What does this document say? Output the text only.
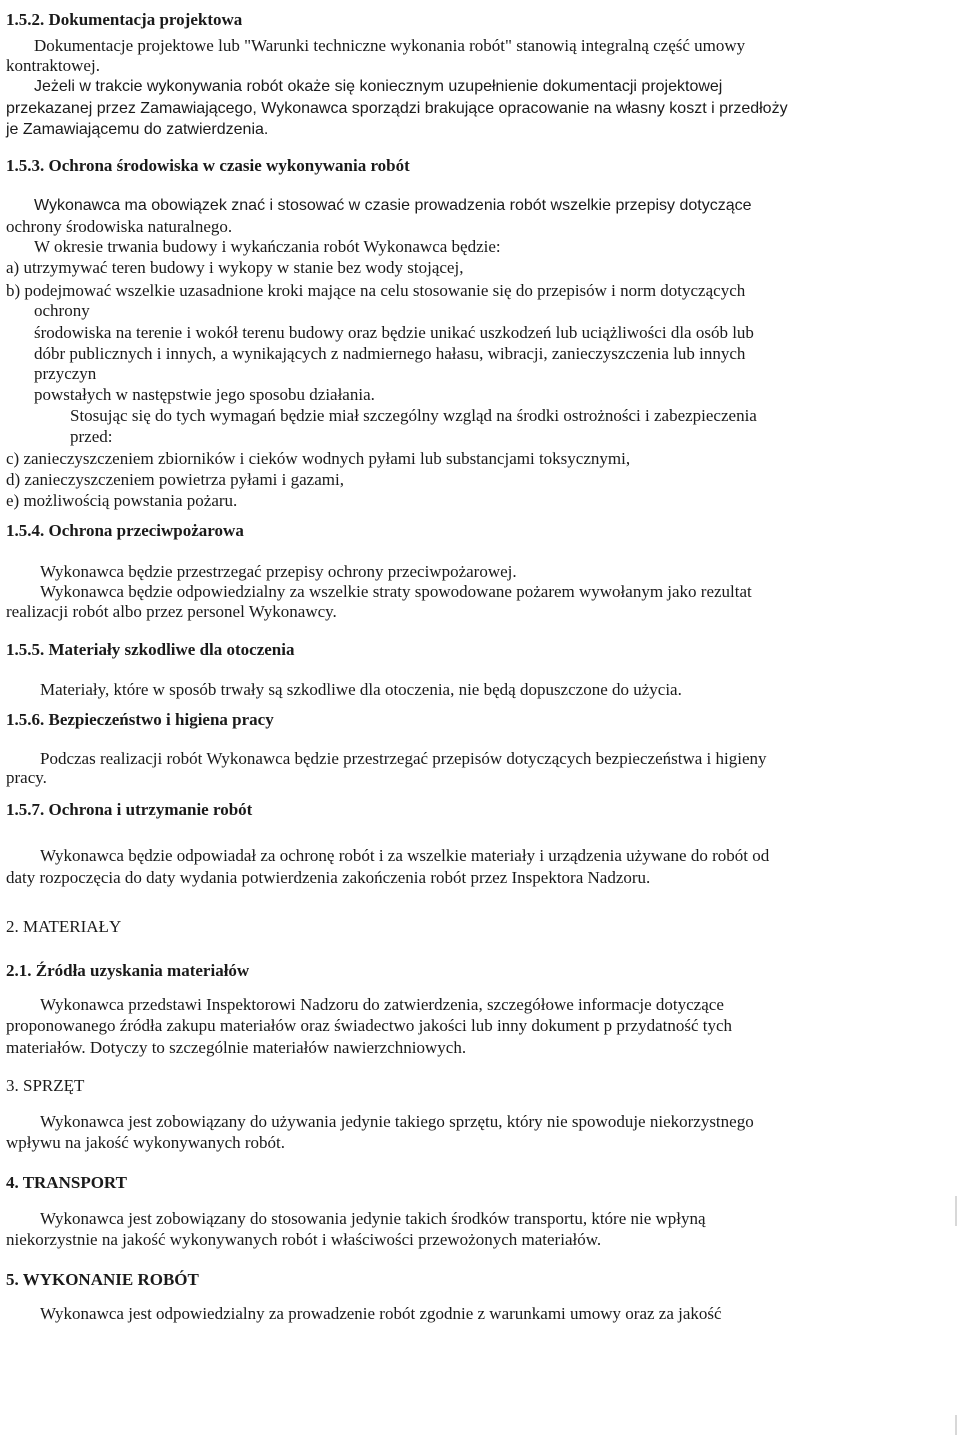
1.5.2. Dokumentacja projektowa
Dokumentacje projektowe lub "Warunki techniczne wykonania robót" stanowią integralną część umowy
kontraktowej.
Jeżeli w trakcie wykonywania robót okaże się koniecznym uzupełnienie dokumentacji projektowej
przekazanej przez Zamawiającego, Wykonawca sporządzi brakujące opracowanie na własny koszt i przedłoży
je Zamawiającemu do zatwierdzenia.
1.5.3. Ochrona środowiska w czasie wykonywania robót
Wykonawca ma obowiązek znać i stosować w czasie prowadzenia robót wszelkie przepisy dotyczące
ochrony środowiska naturalnego.
W okresie trwania budowy i wykańczania robót Wykonawca będzie:
a) utrzymywać teren budowy i wykopy w stanie bez wody stojącej,
b) podejmować wszelkie uzasadnione kroki mające na celu stosowanie się do przepisów i norm dotyczących
ochrony
środowiska na terenie i wokół terenu budowy oraz będzie unikać uszkodzeń lub uciążliwości dla osób lub
dóbr publicznych i innych, a wynikających z nadmiernego hałasu, wibracji, zanieczyszczenia lub innych
przyczyn
powstałych w następstwie jego sposobu działania.
Stosując się do tych wymagań będzie miał szczególny wzgląd na środki ostrożności i zabezpieczenia
przed:
c) zanieczyszczeniem zbiorników i cieków wodnych pyłami lub substancjami toksycznymi,
d) zanieczyszczeniem powietrza pyłami i gazami,
e) możliwością powstania pożaru.
1.5.4. Ochrona przeciwpożarowa
Wykonawca będzie przestrzegać przepisy ochrony przeciwpożarowej.
Wykonawca będzie odpowiedzialny za wszelkie straty spowodowane pożarem wywołanym jako rezultat
realizacji robót albo przez personel Wykonawcy.
1.5.5. Materiały szkodliwe dla otoczenia
Materiały, które w sposób trwały są szkodliwe dla otoczenia, nie będą dopuszczone do użycia.
1.5.6. Bezpieczeństwo i higiena pracy
Podczas realizacji robót Wykonawca będzie przestrzegać przepisów dotyczących bezpieczeństwa i higieny
pracy.
1.5.7. Ochrona i utrzymanie robót
Wykonawca będzie odpowiadał za ochronę robót i za wszelkie materiały i urządzenia używane do robót od
daty rozpoczęcia do daty wydania potwierdzenia zakończenia robót przez Inspektora Nadzoru.
2. MATERIAŁY
2.1. Źródła uzyskania materiałów
Wykonawca przedstawi Inspektorowi Nadzoru do zatwierdzenia, szczegółowe informacje dotyczące
proponowanego źródła zakupu materiałów oraz świadectwo jakości lub inny dokument p przydatność tych
materiałów. Dotyczy to szczególnie materiałów nawierzchniowych.
3. SPRZĘT
Wykonawca jest zobowiązany do używania jedynie takiego sprzętu, który nie spowoduje niekorzystnego
wpływu na jakość wykonywanych robót.
4. TRANSPORT
Wykonawca jest zobowiązany do stosowania jedynie takich środków transportu, które nie wpłyną
niekorzystnie na jakość wykonywanych robót i właściwości przewożonych materiałów.
5. WYKONANIE ROBÓT
Wykonawca jest odpowiedzialny za prowadzenie robót zgodnie z warunkami umowy oraz za jakość
